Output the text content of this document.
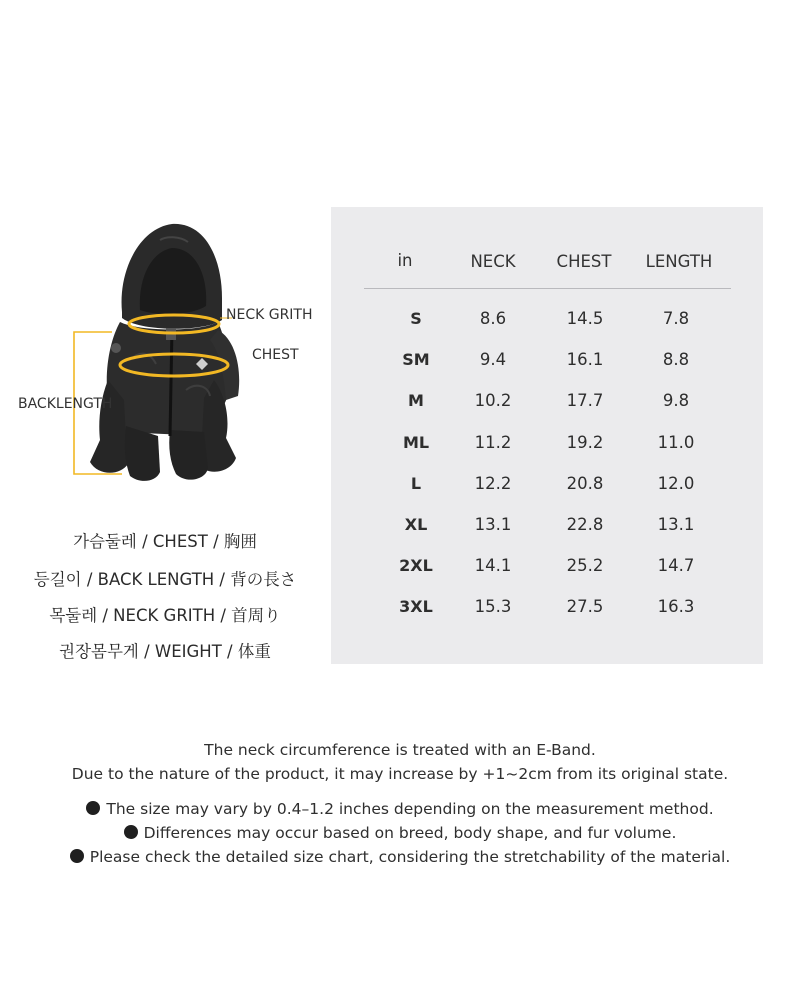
NECK GRITH
CHEST
BACKLENGTH
가슴둘레 / CHEST / 胸囲
등길이 / BACK LENGTH / 背の長さ
목둘레 / NECK GRITH / 首周り
권장몸무게 / WEIGHT / 体重
in	NECK	CHEST	LENGTH
S	8.6	14.5	7.8
SM	9.4	16.1	8.8
M	10.2	17.7	9.8
ML	11.2	19.2	11.0
L	12.2	20.8	12.0
XL	13.1	22.8	13.1
2XL	14.1	25.2	14.7
3XL	15.3	27.5	16.3
The neck circumference is treated with an E-Band.
Due to the nature of the product, it may increase by +1~2cm from its original state.
The size may vary by 0.4–1.2 inches depending on the measurement method.
Differences may occur based on breed, body shape, and fur volume.
Please check the detailed size chart, considering the stretchability of the material.
